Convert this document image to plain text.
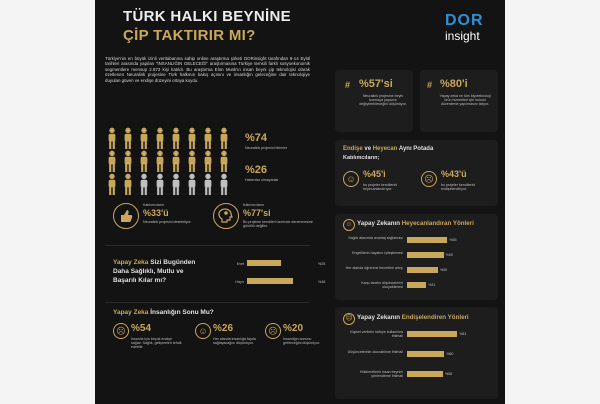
TÜRK HALKI BEYNİNE
ÇİP TAKTIRIR MI?
DOR
insight
Türkiye'nin en büyük izinli veritabanına sahip online araştırma şirketi DORinsight tarafından 9-14 Eylül tarihleri arasında yapılan "İNSANLIĞIN GELECEĞİ" araştırmasına Türkiye temsili farklı sosyoekonomik segmentlere mensup 2.873 kişi katıldı. Bu araştırma Elon Musk'ın insan beyni çip teknolojisi olarak özetlenen Neuralink projesine Türk halkının bakış açısını ve insanlığın geleceğine dair teknolojiye duyulan güven ve endişe düzeyini ortaya koydu.
%74
Neuralink projesini bilenler
%26
Haberdar olmayanlar
Katılımcıların
%33'ü
Neuralink projesini destekliyor.
Katılımcıların
%77'si
Bu projenin kendileri üzerinde denenmesine gönüllü değiller.
Yapay Zeka Sizi Bugünden
Daha Sağlıklı, Mutlu ve
Başarılı Kılar mı?
Evet	%25
Hayır	%48
Yapay Zeka İnsanlığın Sonu Mu?
☹ %54
İnsanlık için birçok endişe sağlar. Sağlık, gelişmeleri tehdit edebilir.
☺ %26
Her alanda insanlığa fayda sağlayacağını düşünüyor.
☹ %20
İnsanlığın sonunu getireceğini düşünüyor.
# %57'si
Neuralink projesine beyin kurmaya yapanın değiştirebileceğini düşünüyor.
# %80'i
Yapay zeka ve tüm biyoteknoloji ürün hizmetleri için hukuki düzenleme yapılmasını istiyor.
Endişe ve Heyecan Aynı Potada
Katılımcıların;
☺ %45'i
bu projeler kendilerini heyecanlandırıyor.
☹ %43'ü
bu projeler kendilerini endişelendiriyor.
☺ Yapay Zekanın Heyecanlandıran Yönleri
☹ Yapay Zekanın Endişelendiren Yönleri
Sağlık alanında avantaj sağlaması	%65
Engellilerin hayatını iyileştirmesi	%59
Her alanda öğrenme becerileri artışı	%50
Karşı tarafın düşüncelerini okuyabilmesi
%31
Kişisel verilerin kötüye kullanılma ihtimali
%81
Düşüncelerinin okunabilme ihtimali	%60
Hükümetlerin insan beynini yönlendirme ihtimali
%58
